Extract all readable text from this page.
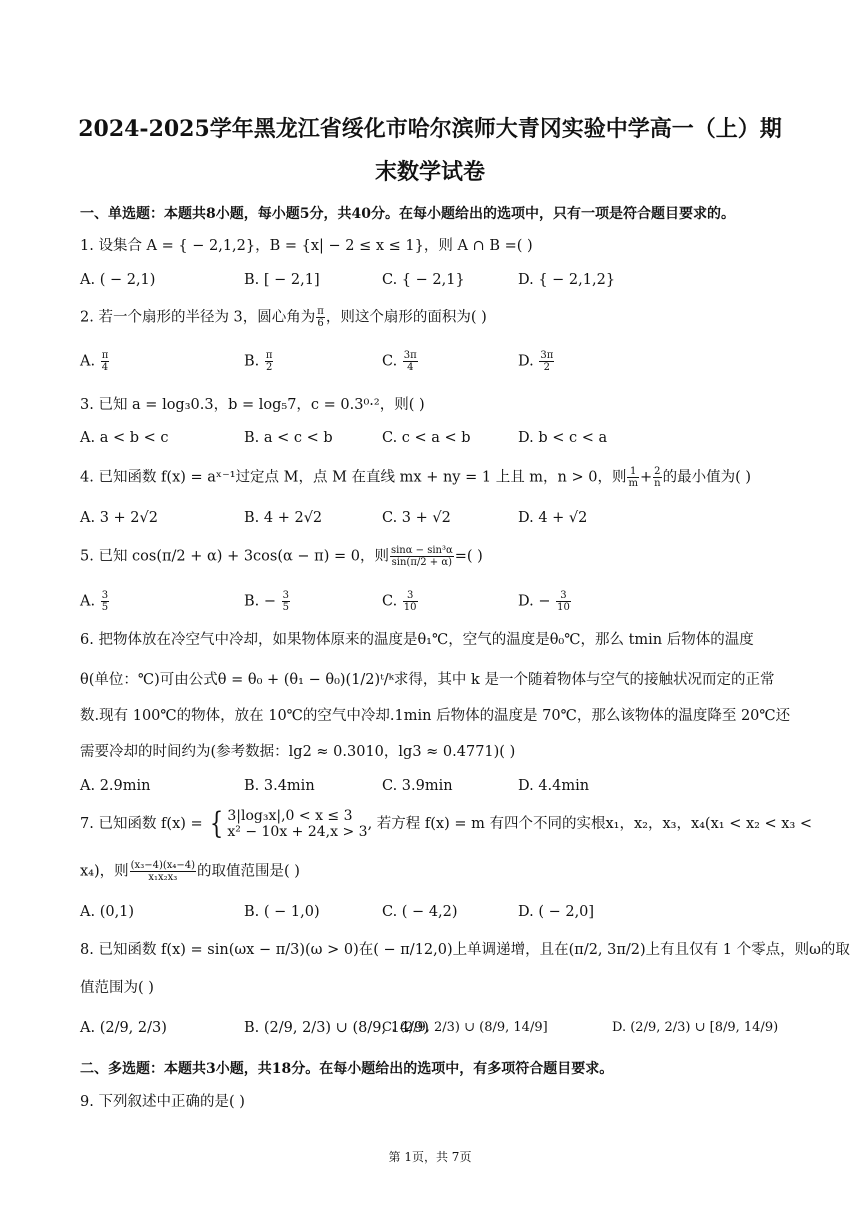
2024-2025学年黑龙江省绥化市哈尔滨师大青冈实验中学高一（上）期
末数学试卷
一、单选题：本题共8小题，每小题5分，共40分。在每小题给出的选项中，只有一项是符合题目要求的。
1. 设集合 A = { − 2,1,2}，B = {x| − 2 ≤ x ≤ 1}，则 A ∩ B =( )
A. ( − 2,1)	B. [ − 2,1]	C. { − 2,1}	D. { − 2,1,2}
2. 若一个扇形的半径为 3，圆心角为 $\frac{\pi}{6}$ ，则这个扇形的面积为( )
A. $\frac{\pi}{4}$	B. $\frac{\pi}{2}$	C. $\frac{3\pi}{4}$	D. $\frac{3\pi}{2}$
3. 已知 a = log₃0.3，b = log₅7，c = 0.3⁰·²，则( )
A. a < b < c	B. a < c < b	C. c < a < b	D. b < c < a
4. 已知函数 f(x) = aˣ⁻¹过定点 M，点 M 在直线 mx + ny = 1 上且 m，n > 0，则 $\frac{1}{m} + \frac{2}{n}$ 的最小值为( )
A. 3 + 2√2	B. 4 + 2√2	C. 3 + √2	D. 4 + √2
5. 已知 cos(π/2 + α) + 3cos(α − π) = 0，则 $\frac{\text{sinα − sin³α}}{\sin(\pi/2 + \alpha)}$ =( )
A. $\frac{3}{5}$	B. − $\frac{3}{5}$	C. $\frac{3}{10}$	D. − $\frac{3}{10}$
6. 把物体放在冷空气中冷却，如果物体原来的温度是θ₁℃，空气的温度是θ₀℃，那么 tmin 后物体的温度
θ(单位：℃)可由公式θ = θ₀ + (θ₁ − θ₀)(1/2)ᵗ/ᵏ求得，其中 k 是一个随着物体与空气的接触状况而定的正常
数.现有 100℃的物体，放在 10℃的空气中冷却.1min 后物体的温度是 70℃，那么该物体的温度降至 20℃还
需要冷却的时间约为(参考数据：lg2 ≈ 0.3010，lg3 ≈ 0.4771)( )
A. 2.9min	B. 3.4min	C. 3.9min	D. 4.4min
7. 已知函数 f(x) = { 3|log₃x|,0 < x ≤ 3
x² − 10x + 24,x > 3 , 若方程 f(x) = m 有四个不同的实根x₁，x₂，x₃，x₄(x₁ < x₂ < x₃ <
x₄)，则 $\frac{\text{(x₃−4)(x₄−4)}}{\text{x₁x₂x₃}}$ 的取值范围是( )
A. (0,1)	B. ( − 1,0)	C. ( − 4,2)	D. ( − 2,0]
8. 已知函数 f(x) = sin(ωx − π/3)(ω > 0)在( − π/12,0)上单调递增，且在(π/2, 3π/2)上有且仅有 1 个零点，则ω的取
值范围为( )
A. (2/9, 2/3)	B. (2/9, 2/3) ∪ (8/9, 14/9)
C. (2/9, 2/3) ∪ (8/9, 14/9]	D. (2/9, 2/3) ∪ [8/9, 14/9)
二、多选题：本题共3小题，共18分。在每小题给出的选项中，有多项符合题目要求。
9. 下列叙述中正确的是( )
第 1页，共 7页
